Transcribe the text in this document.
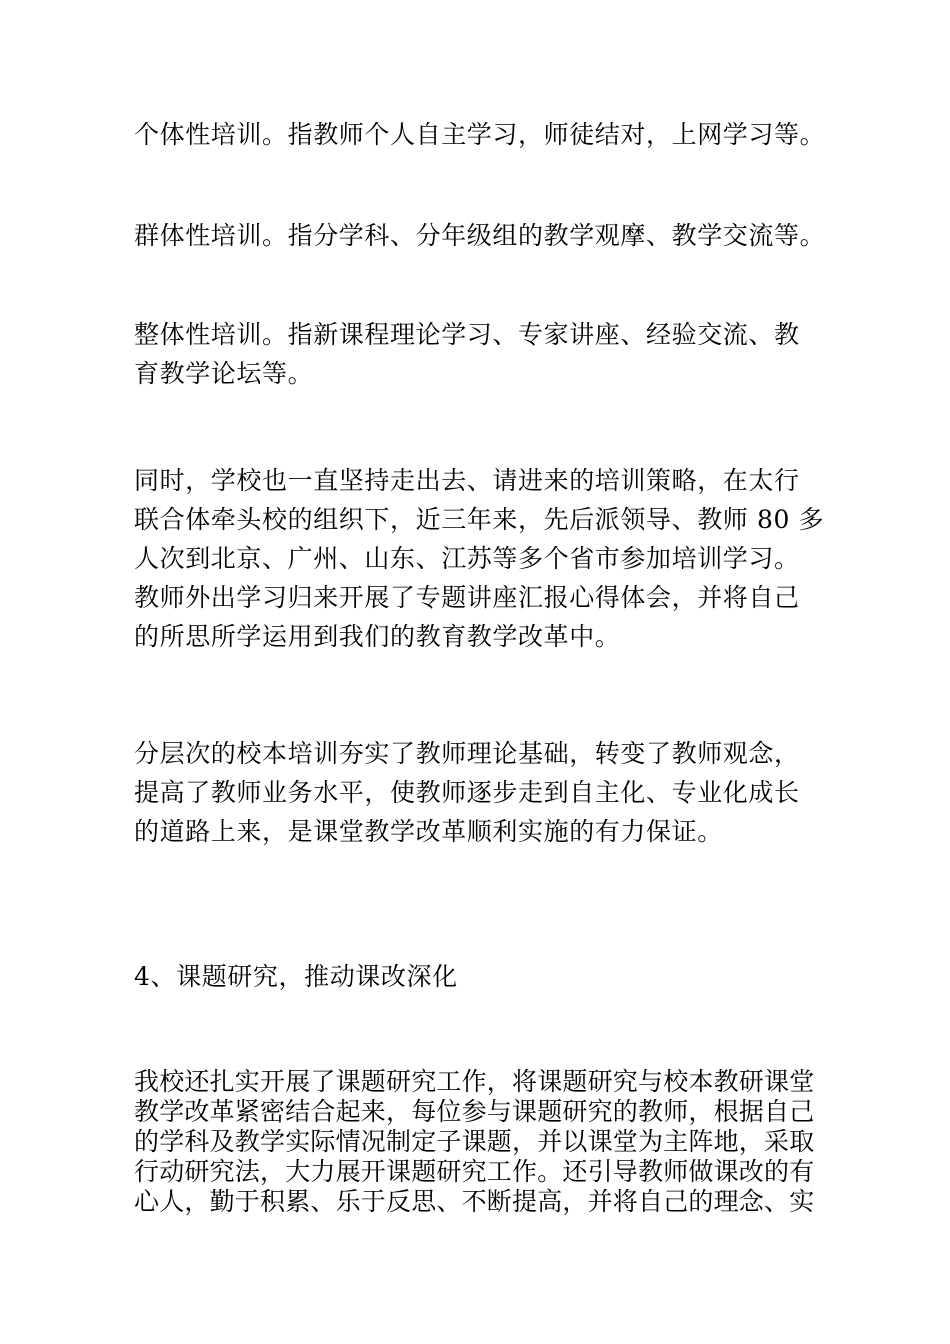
个体性培训。指教师个人自主学习，师徒结对，上网学习等。

群体性培训。指分学科、分年级组的教学观摩、教学交流等。

整体性培训。指新课程理论学习、专家讲座、经验交流、教
育教学论坛等。

同时，学校也一直坚持走出去、请进来的培训策略，在太行
联合体牵头校的组织下，近三年来，先后派领导、教师 80 多
人次到北京、广州、山东、江苏等多个省市参加培训学习。
教师外出学习归来开展了专题讲座汇报心得体会，并将自己
的所思所学运用到我们的教育教学改革中。

分层次的校本培训夯实了教师理论基础，转变了教师观念，
提高了教师业务水平，使教师逐步走到自主化、专业化成长
的道路上来，是课堂教学改革顺利实施的有力保证。

4、课题研究，推动课改深化

我校还扎实开展了课题研究工作，将课题研究与校本教研课堂
教学改革紧密结合起来，每位参与课题研究的教师，根据自己
的学科及教学实际情况制定子课题，并以课堂为主阵地，采取
行动研究法，大力展开课题研究工作。还引导教师做课改的有
心人，勤于积累、乐于反思、不断提高，并将自己的理念、实
